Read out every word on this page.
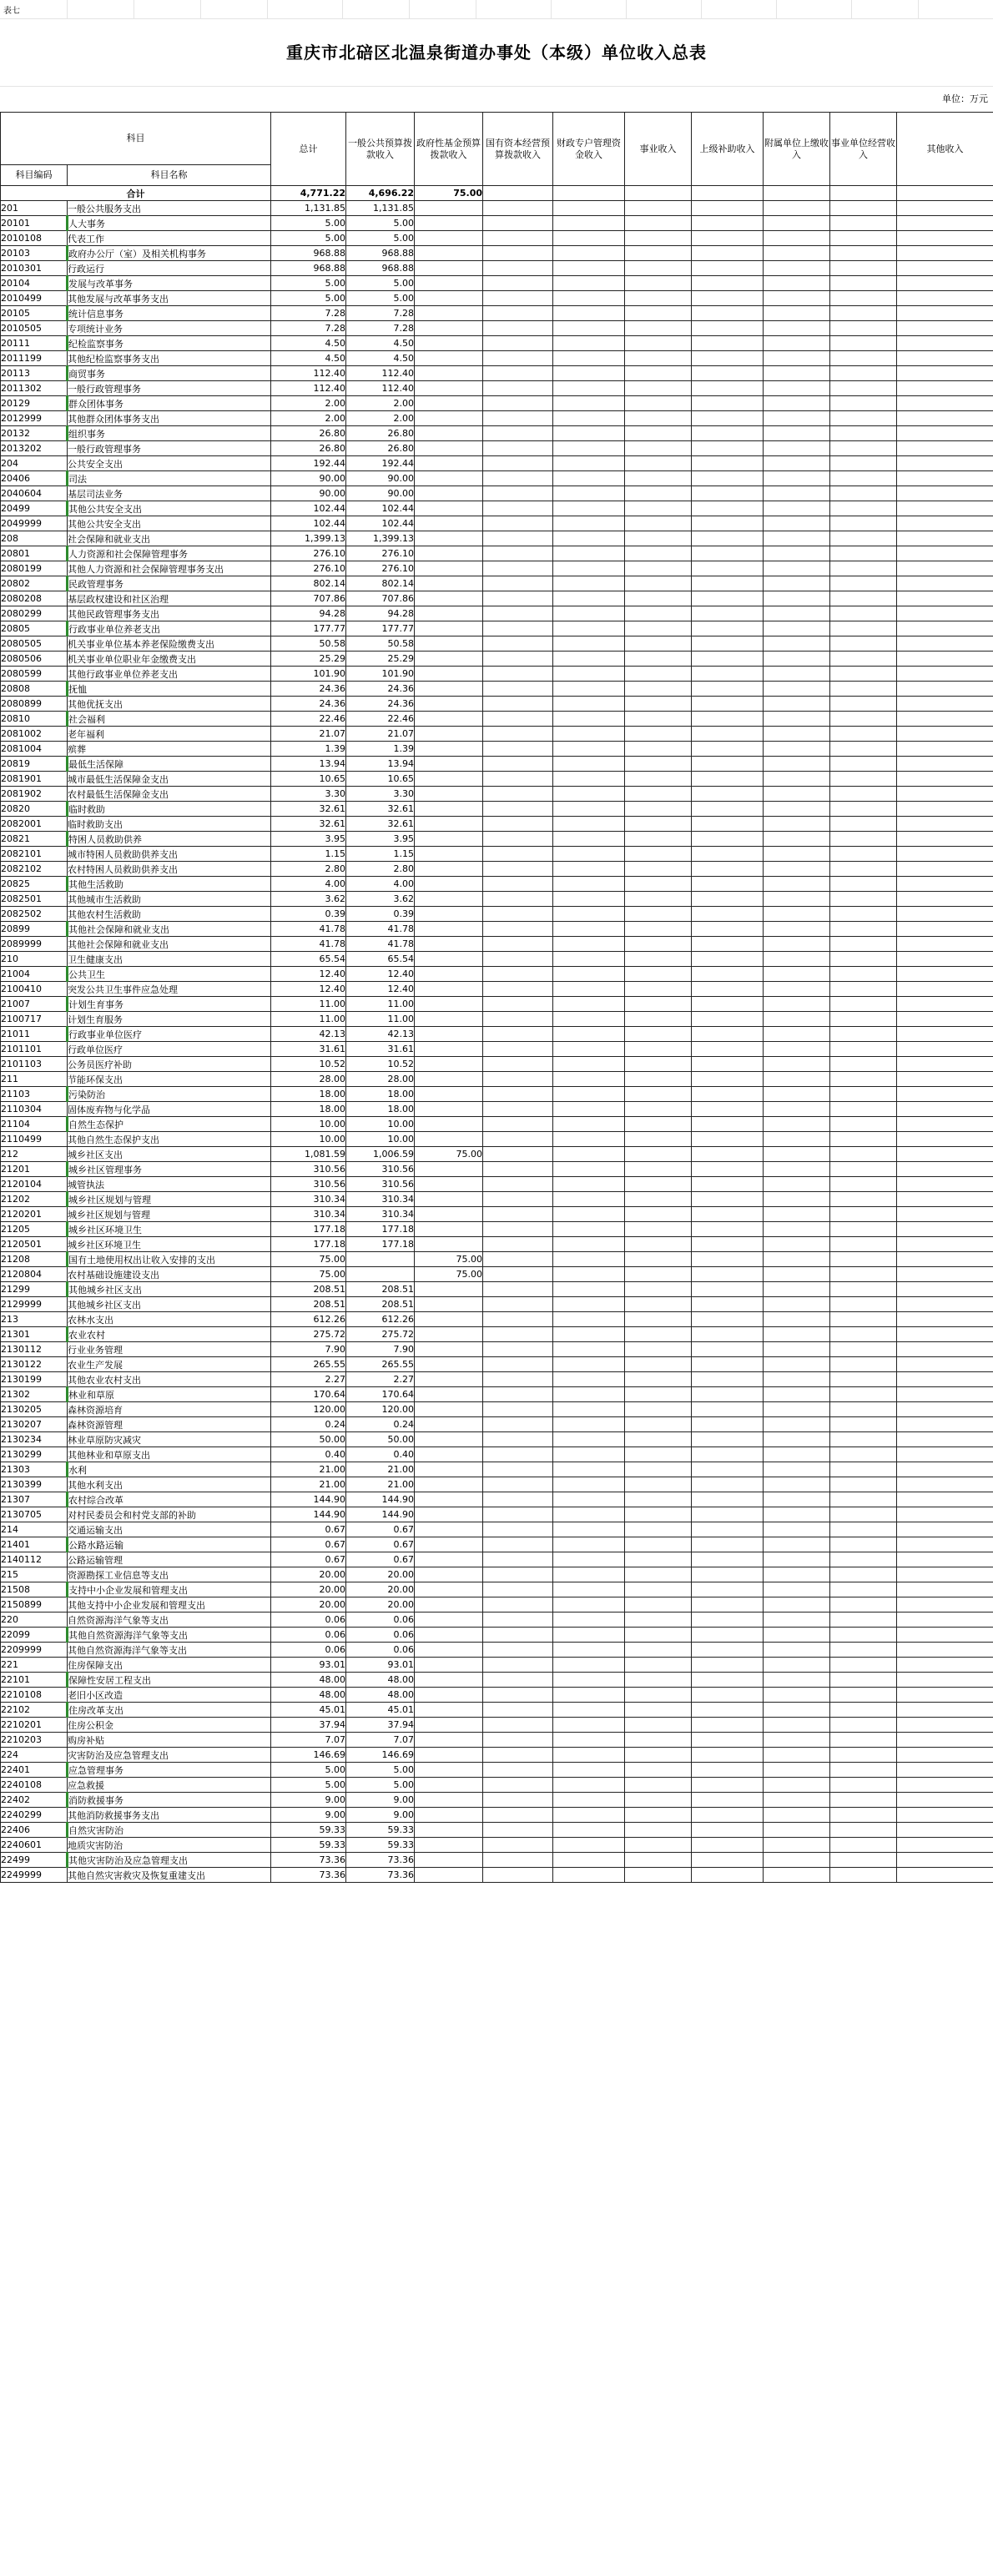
表七
重庆市北碚区北温泉街道办事处（本级）单位收入总表
单位：万元
科目		总计	一般公共预算拨款收入	政府性基金预算拨款收入	国有资本经营预算拨款收入	财政专户管理资金收入	事业收入	上级补助收入	附属单位上缴收入	事业单位经营收入	其他收入
科目编码	科目名称										
合计		4,771.22	4,696.22	75.00							
201	一般公共服务支出	1,131.85	1,131.85								
20101	人大事务	5.00	5.00								
2010108	代表工作	5.00	5.00								
20103	政府办公厅（室）及相关机构事务	968.88	968.88								
2010301	行政运行	968.88	968.88								
20104	发展与改革事务	5.00	5.00								
2010499	其他发展与改革事务支出	5.00	5.00								
20105	统计信息事务	7.28	7.28								
2010505	专项统计业务	7.28	7.28								
20111	纪检监察事务	4.50	4.50								
2011199	其他纪检监察事务支出	4.50	4.50								
20113	商贸事务	112.40	112.40								
2011302	一般行政管理事务	112.40	112.40								
20129	群众团体事务	2.00	2.00								
2012999	其他群众团体事务支出	2.00	2.00								
20132	组织事务	26.80	26.80								
2013202	一般行政管理事务	26.80	26.80								
204	公共安全支出	192.44	192.44								
20406	司法	90.00	90.00								
2040604	基层司法业务	90.00	90.00								
20499	其他公共安全支出	102.44	102.44								
2049999	其他公共安全支出	102.44	102.44								
208	社会保障和就业支出	1,399.13	1,399.13								
20801	人力资源和社会保障管理事务	276.10	276.10								
2080199	其他人力资源和社会保障管理事务支出	276.10	276.10								
20802	民政管理事务	802.14	802.14								
2080208	基层政权建设和社区治理	707.86	707.86								
2080299	其他民政管理事务支出	94.28	94.28								
20805	行政事业单位养老支出	177.77	177.77								
2080505	机关事业单位基本养老保险缴费支出	50.58	50.58								
2080506	机关事业单位职业年金缴费支出	25.29	25.29								
2080599	其他行政事业单位养老支出	101.90	101.90								
20808	抚恤	24.36	24.36								
2080899	其他优抚支出	24.36	24.36								
20810	社会福利	22.46	22.46								
2081002	老年福利	21.07	21.07								
2081004	殡葬	1.39	1.39								
20819	最低生活保障	13.94	13.94								
2081901	城市最低生活保障金支出	10.65	10.65								
2081902	农村最低生活保障金支出	3.30	3.30								
20820	临时救助	32.61	32.61								
2082001	临时救助支出	32.61	32.61								
20821	特困人员救助供养	3.95	3.95								
2082101	城市特困人员救助供养支出	1.15	1.15								
2082102	农村特困人员救助供养支出	2.80	2.80								
20825	其他生活救助	4.00	4.00								
2082501	其他城市生活救助	3.62	3.62								
2082502	其他农村生活救助	0.39	0.39								
20899	其他社会保障和就业支出	41.78	41.78								
2089999	其他社会保障和就业支出	41.78	41.78								
210	卫生健康支出	65.54	65.54								
21004	公共卫生	12.40	12.40								
2100410	突发公共卫生事件应急处理	12.40	12.40								
21007	计划生育事务	11.00	11.00								
2100717	计划生育服务	11.00	11.00								
21011	行政事业单位医疗	42.13	42.13								
2101101	行政单位医疗	31.61	31.61								
2101103	公务员医疗补助	10.52	10.52								
211	节能环保支出	28.00	28.00								
21103	污染防治	18.00	18.00								
2110304	固体废弃物与化学品	18.00	18.00								
21104	自然生态保护	10.00	10.00								
2110499	其他自然生态保护支出	10.00	10.00								
212	城乡社区支出	1,081.59	1,006.59	75.00							
21201	城乡社区管理事务	310.56	310.56								
2120104	城管执法	310.56	310.56								
21202	城乡社区规划与管理	310.34	310.34								
2120201	城乡社区规划与管理	310.34	310.34								
21205	城乡社区环境卫生	177.18	177.18								
2120501	城乡社区环境卫生	177.18	177.18								
21208	国有土地使用权出让收入安排的支出	75.00		75.00							
2120804	农村基础设施建设支出	75.00		75.00							
21299	其他城乡社区支出	208.51	208.51								
2129999	其他城乡社区支出	208.51	208.51								
213	农林水支出	612.26	612.26								
21301	农业农村	275.72	275.72								
2130112	行业业务管理	7.90	7.90								
2130122	农业生产发展	265.55	265.55								
2130199	其他农业农村支出	2.27	2.27								
21302	林业和草原	170.64	170.64								
2130205	森林资源培育	120.00	120.00								
2130207	森林资源管理	0.24	0.24								
2130234	林业草原防灾减灾	50.00	50.00								
2130299	其他林业和草原支出	0.40	0.40								
21303	水利	21.00	21.00								
2130399	其他水利支出	21.00	21.00								
21307	农村综合改革	144.90	144.90								
2130705	对村民委员会和村党支部的补助	144.90	144.90								
214	交通运输支出	0.67	0.67								
21401	公路水路运输	0.67	0.67								
2140112	公路运输管理	0.67	0.67								
215	资源勘探工业信息等支出	20.00	20.00								
21508	支持中小企业发展和管理支出	20.00	20.00								
2150899	其他支持中小企业发展和管理支出	20.00	20.00								
220	自然资源海洋气象等支出	0.06	0.06								
22099	其他自然资源海洋气象等支出	0.06	0.06								
2209999	其他自然资源海洋气象等支出	0.06	0.06								
221	住房保障支出	93.01	93.01								
22101	保障性安居工程支出	48.00	48.00								
2210108	老旧小区改造	48.00	48.00								
22102	住房改革支出	45.01	45.01								
2210201	住房公积金	37.94	37.94								
2210203	购房补贴	7.07	7.07								
224	灾害防治及应急管理支出	146.69	146.69								
22401	应急管理事务	5.00	5.00								
2240108	应急救援	5.00	5.00								
22402	消防救援事务	9.00	9.00								
2240299	其他消防救援事务支出	9.00	9.00								
22406	自然灾害防治	59.33	59.33								
2240601	地质灾害防治	59.33	59.33								
22499	其他灾害防治及应急管理支出	73.36	73.36								
2249999	其他自然灾害救灾及恢复重建支出	73.36	73.36								
